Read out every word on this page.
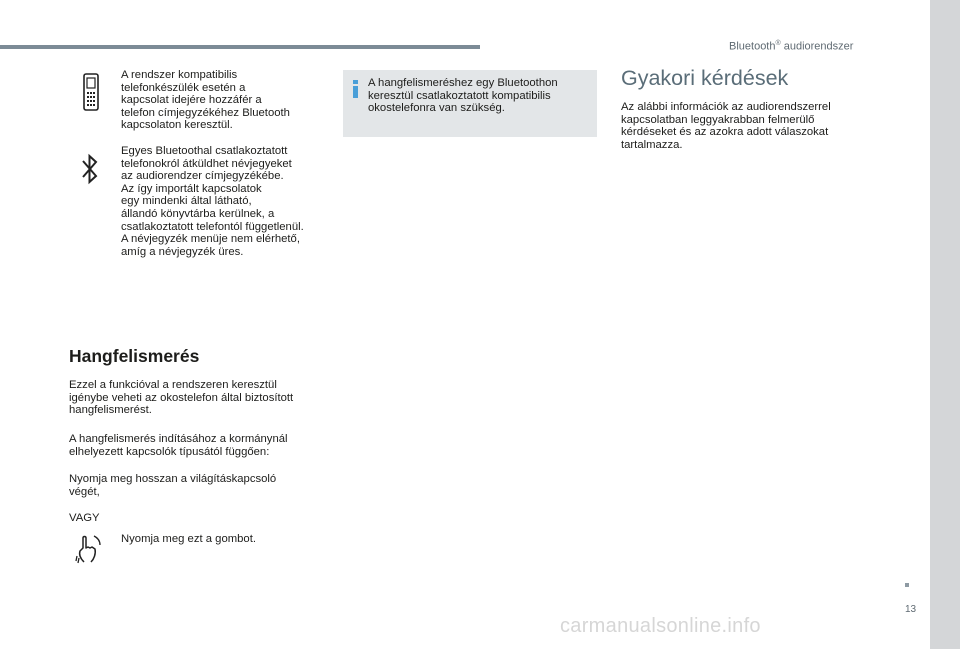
Bluetooth® audiorendszer

A rendszer kompatibilis

telefonkészülék esetén a

kapcsolat idejére hozzáfér a

telefon címjegyzékéhez Bluetooth

kapcsolaton keresztül.

Egyes Bluetoothal csatlakoztatott

telefonokról átküldhet névjegyeket

az audiorendzer címjegyzékébe.

Az így importált kapcsolatok

egy mindenki által látható,

állandó könyvtárba kerülnek, a

csatlakoztatott telefontól függetlenül.

A névjegyzék menüje nem elérhető,

amíg a névjegyzék üres.

Hangfelismerés

Ezzel a funkcióval a rendszeren keresztül

igénybe veheti az okostelefon által biztosított

hangfelismerést.

A hangfelismerés indításához a kormánynál

elhelyezett kapcsolók típusától függően:

Nyomja meg hosszan a világításkapcsoló

végét,

VAGY

Nyomja meg ezt a gombot.

A hangfelismeréshez egy Bluetoothon

keresztül csatlakoztatott kompatibilis

okostelefonra van szükség.

Gyakori kérdések

Az alábbi információk az audiorendszerrel

kapcsolatban leggyakrabban felmerülő

kérdéseket és az azokra adott válaszokat

tartalmazza.

13
carmanualsonline.info
